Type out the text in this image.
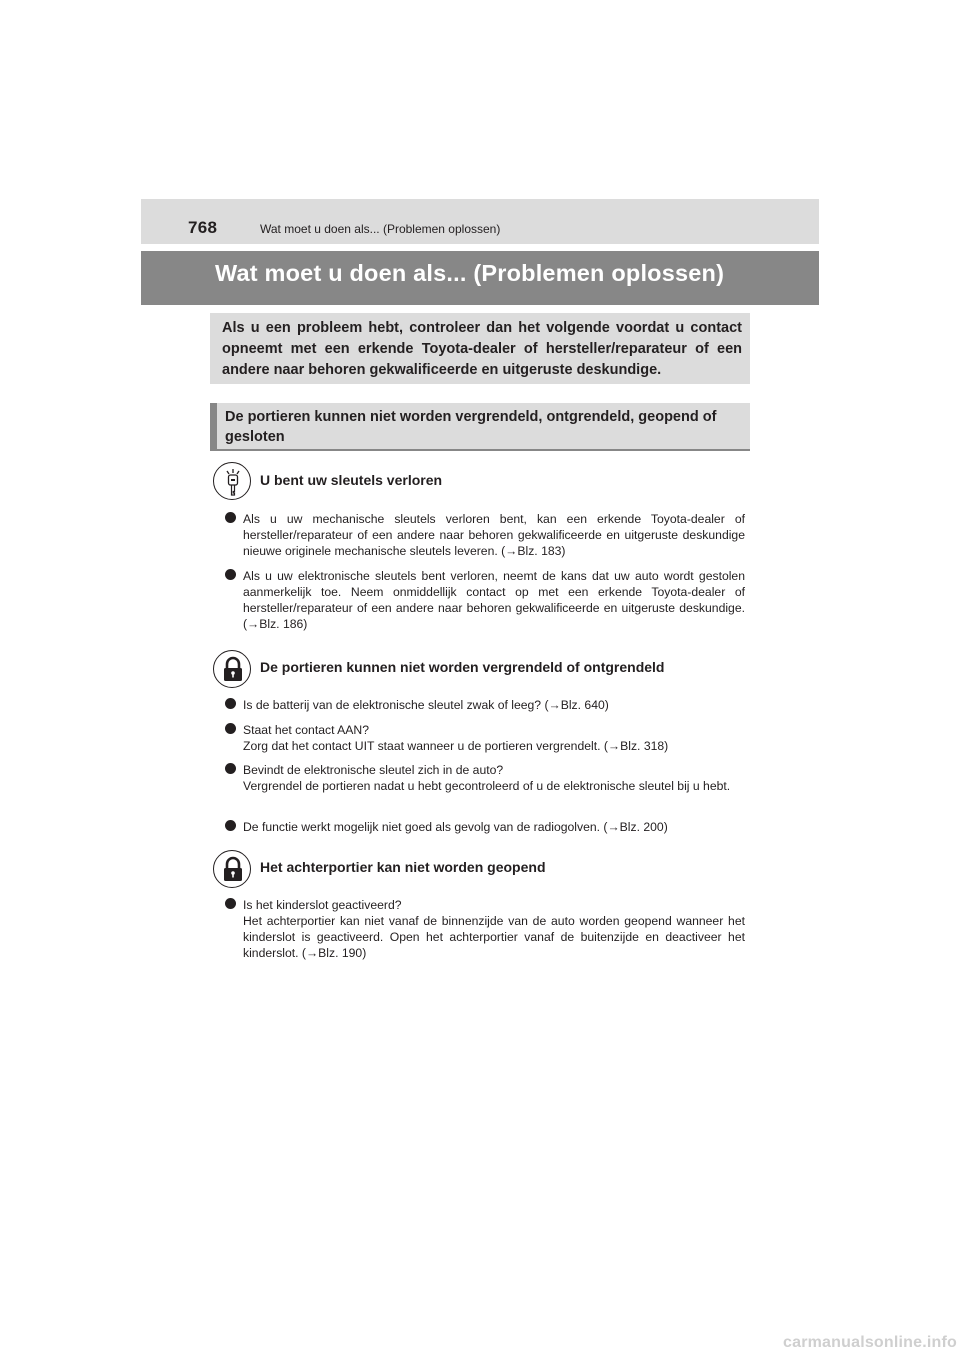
768	Wat moet u doen als... (Problemen oplossen)
Wat moet u doen als... (Problemen oplossen)
Als u een probleem hebt, controleer dan het volgende voordat u contact opneemt met een erkende Toyota-dealer of hersteller/reparateur of een andere naar behoren gekwalificeerde en uitgeruste deskundige.
De portieren kunnen niet worden vergrendeld, ontgrendeld, geopend of gesloten
U bent uw sleutels verloren
Als u uw mechanische sleutels verloren bent, kan een erkende Toyota-dealer of hersteller/reparateur of een andere naar behoren gekwalificeerde en uitgeruste deskundige nieuwe originele mechanische sleutels leveren. (→Blz. 183)
Als u uw elektronische sleutels bent verloren, neemt de kans dat uw auto wordt gestolen aanmerkelijk toe. Neem onmiddellijk contact op met een erkende Toyota-dealer of hersteller/reparateur of een andere naar behoren gekwalificeerde en uitgeruste deskundige. (→Blz. 186)
De portieren kunnen niet worden vergrendeld of ontgrendeld
Is de batterij van de elektronische sleutel zwak of leeg? (→Blz. 640)
Staat het contact AAN?
Zorg dat het contact UIT staat wanneer u de portieren vergrendelt. (→Blz. 318)
Bevindt de elektronische sleutel zich in de auto?
Vergrendel de portieren nadat u hebt gecontroleerd of u de elektronische sleutel bij u hebt.
De functie werkt mogelijk niet goed als gevolg van de radiogolven. (→Blz. 200)
Het achterportier kan niet worden geopend
Is het kinderslot geactiveerd?
Het achterportier kan niet vanaf de binnenzijde van de auto worden geopend wanneer het kinderslot is geactiveerd. Open het achterportier vanaf de buitenzijde en deactiveer het kinderslot. (→Blz. 190)
carmanualsonline.info
